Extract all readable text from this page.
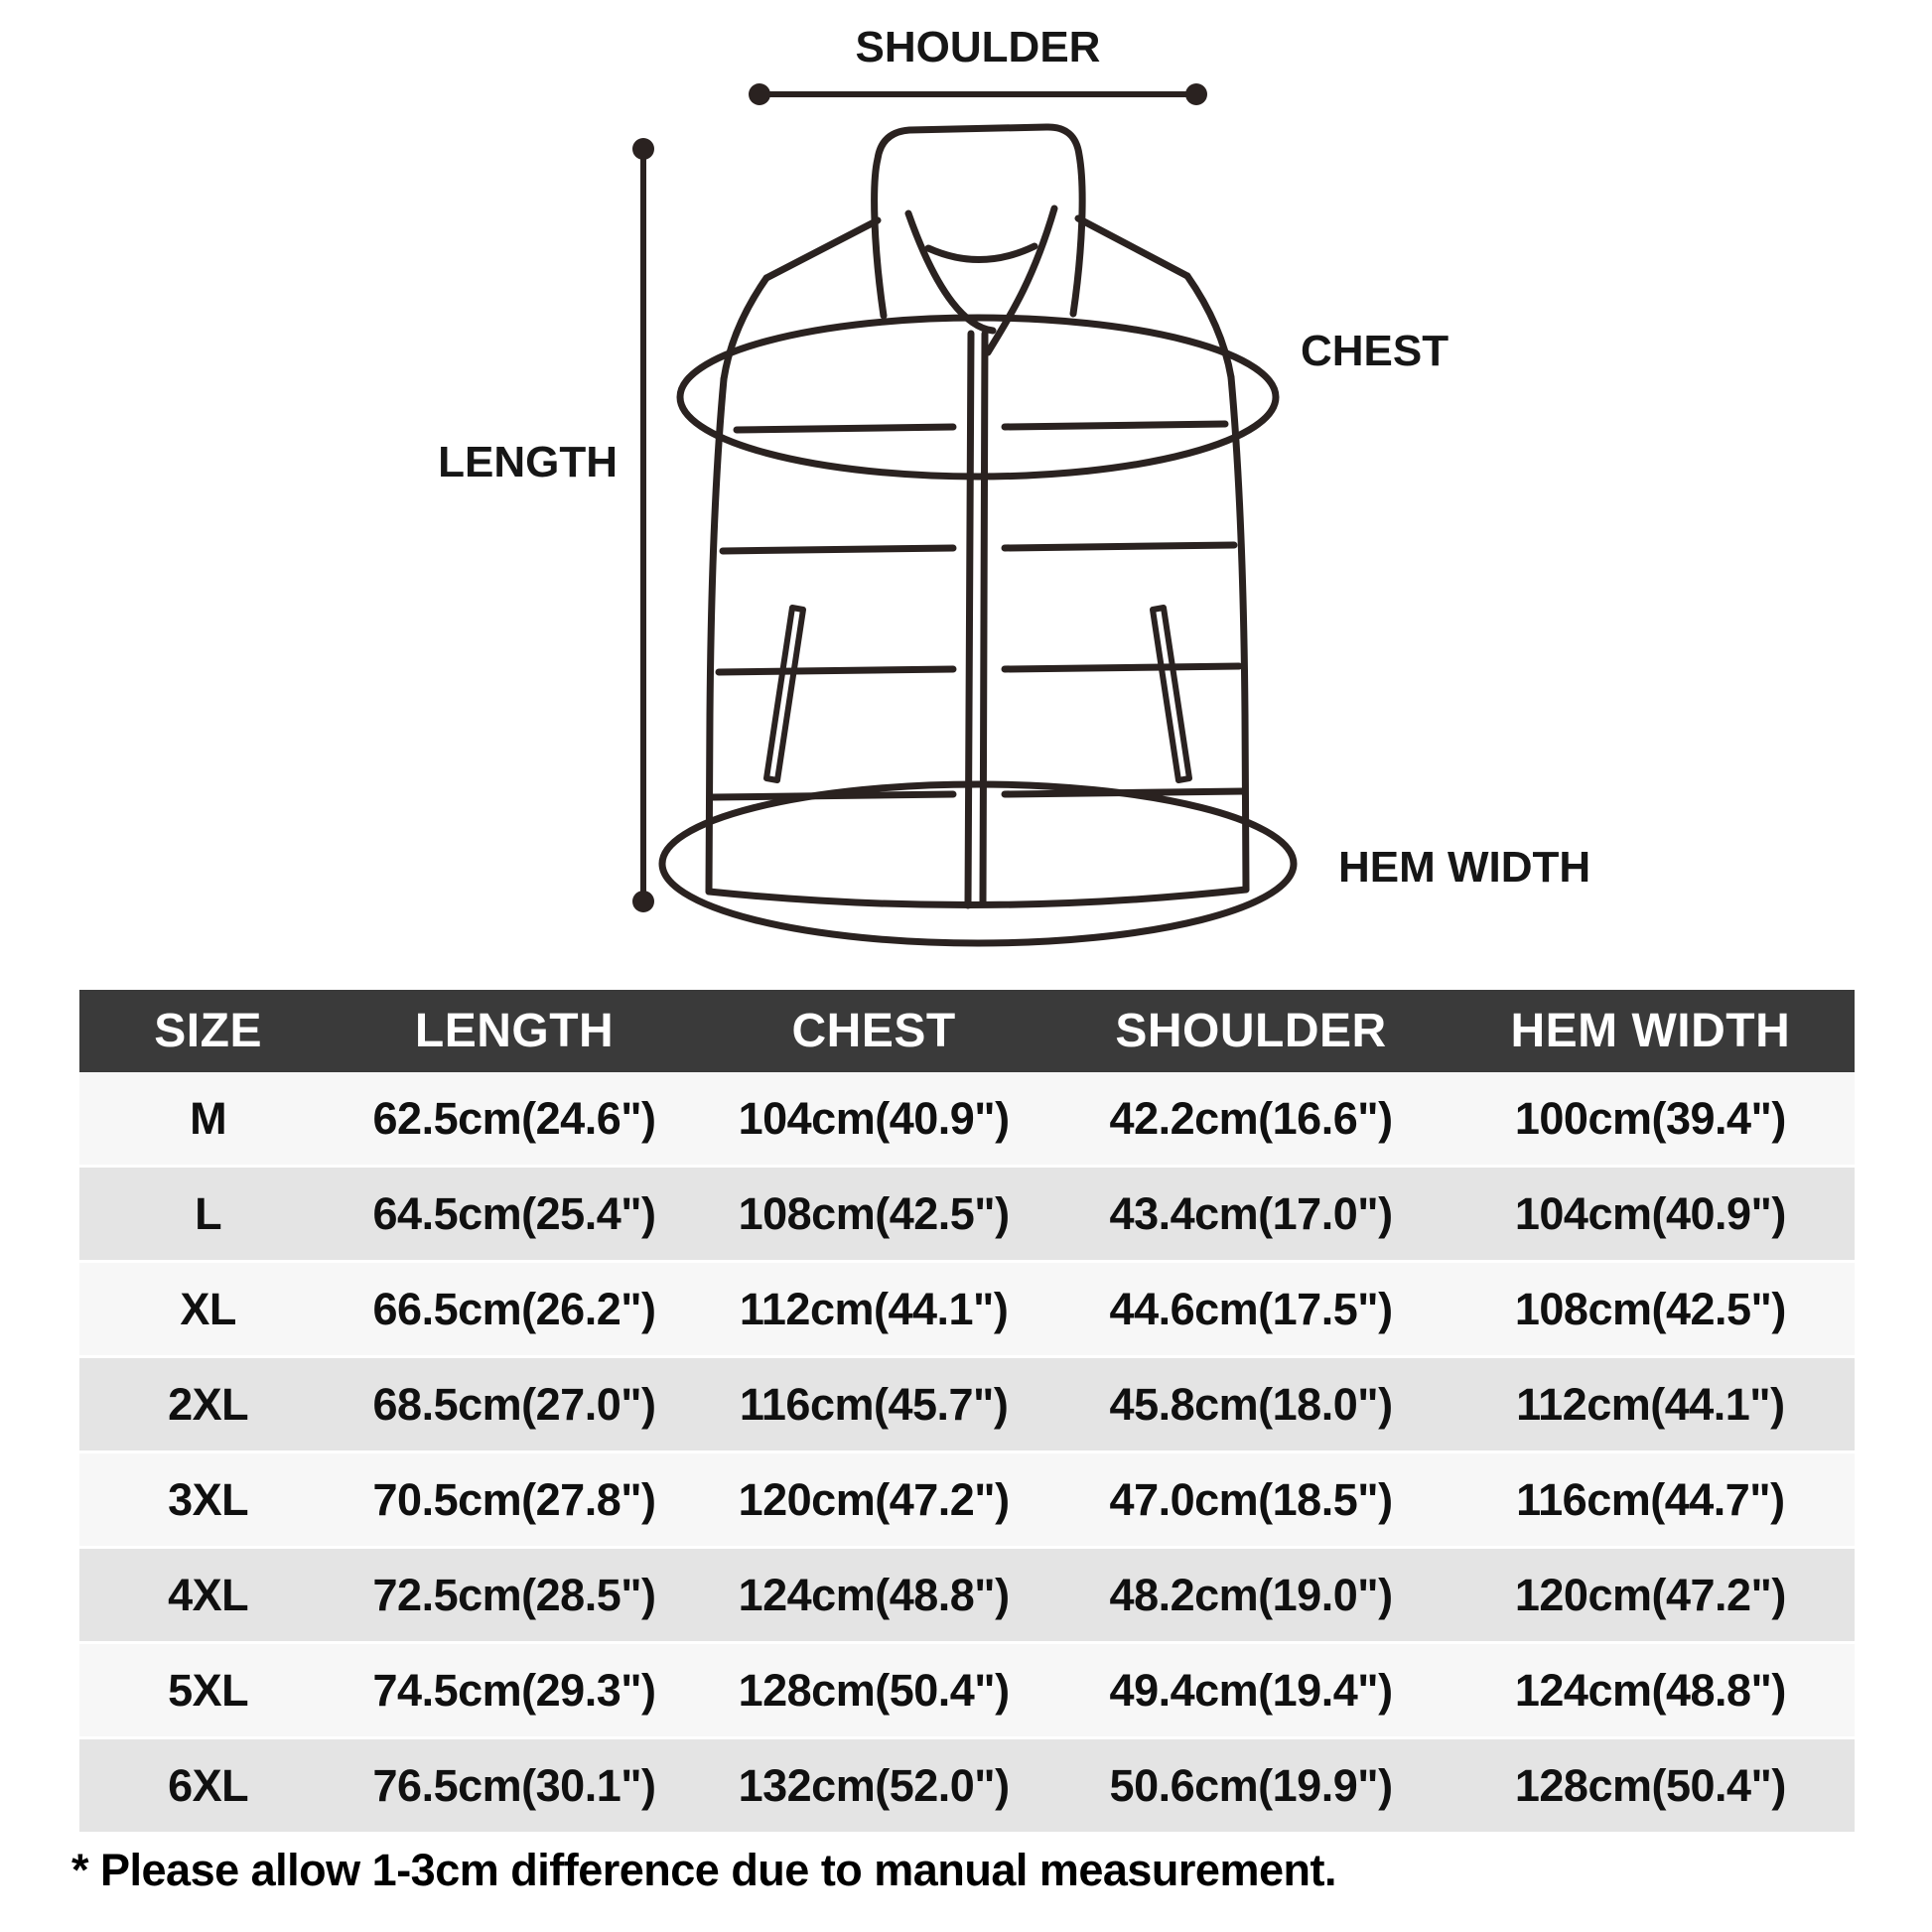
SHOULDER
LENGTH
CHEST
HEM WIDTH
SIZE	LENGTH	CHEST	SHOULDER	HEM WIDTH
M	62.5cm(24.6")	104cm(40.9")	42.2cm(16.6")	100cm(39.4")
L	64.5cm(25.4")	108cm(42.5")	43.4cm(17.0")	104cm(40.9")
XL	66.5cm(26.2")	112cm(44.1")	44.6cm(17.5")	108cm(42.5")
2XL	68.5cm(27.0")	116cm(45.7")	45.8cm(18.0")	112cm(44.1")
3XL	70.5cm(27.8")	120cm(47.2")	47.0cm(18.5")	116cm(44.7")
4XL	72.5cm(28.5")	124cm(48.8")	48.2cm(19.0")	120cm(47.2")
5XL	74.5cm(29.3")	128cm(50.4")	49.4cm(19.4")	124cm(48.8")
6XL	76.5cm(30.1")	132cm(52.0")	50.6cm(19.9")	128cm(50.4")
* Please allow 1-3cm difference due to manual measurement.
